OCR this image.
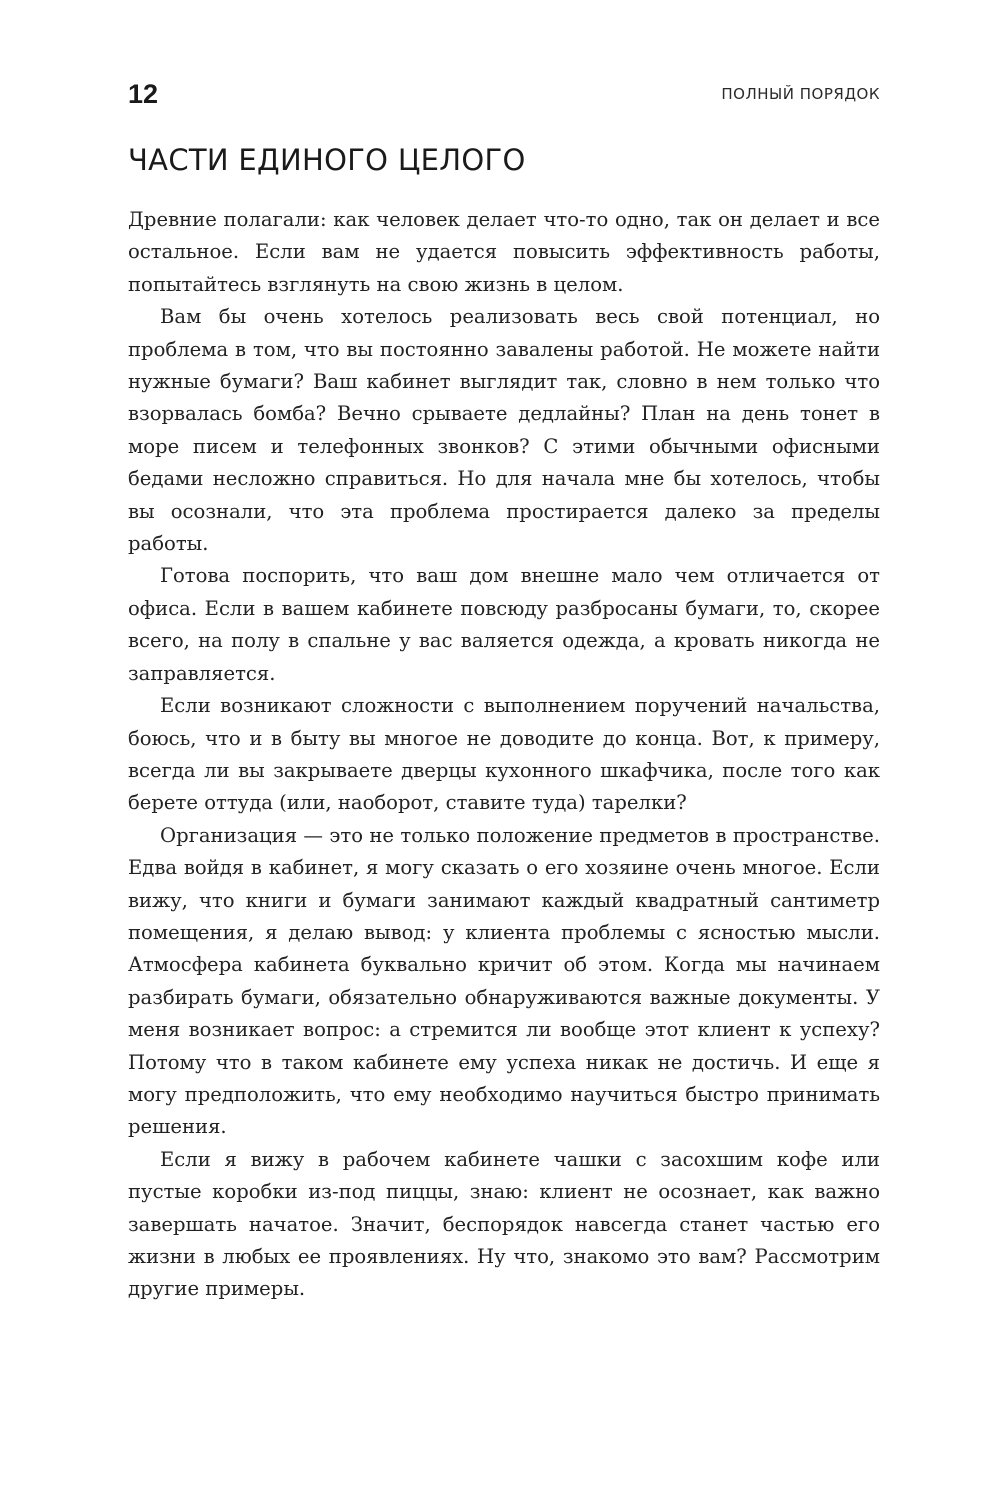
12	ПОЛНЫЙ ПОРЯДОК
ЧАСТИ ЕДИНОГО ЦЕЛОГО

Древние полагали: как человек делает что-то одно, так он делает и все остальное. Если вам не удается повысить эффективность работы, попытайтесь взглянуть на свою жизнь в целом.

Вам бы очень хотелось реализовать весь свой потенциал, но проблема в том, что вы постоянно завалены работой. Не можете найти нужные бумаги? Ваш кабинет выглядит так, словно в нем только что взорвалась бомба? Вечно срываете дедлайны? План на день тонет в море писем и телефонных звонков? С этими обычными офисными бедами несложно справиться. Но для начала мне бы хотелось, чтобы вы осознали, что эта проблема простирается далеко за пределы работы.

Готова поспорить, что ваш дом внешне мало чем отличается от офиса. Если в вашем кабинете повсюду разбросаны бумаги, то, скорее всего, на полу в спальне у вас валяется одежда, а кровать никогда не заправляется.

Если возникают сложности с выполнением поручений начальства, боюсь, что и в быту вы многое не доводите до конца. Вот, к примеру, всегда ли вы закрываете дверцы кухонного шкафчика, после того как берете оттуда (или, наоборот, ставите туда) тарелки?

Организация — это не только положение предметов в пространстве. Едва войдя в кабинет, я могу сказать о его хозяине очень многое. Если вижу, что книги и бумаги занимают каждый квадратный сантиметр помещения, я делаю вывод: у клиента проблемы с ясностью мысли. Атмосфера кабинета буквально кричит об этом. Когда мы начинаем разбирать бумаги, обязательно обнаруживаются важные документы. У меня возникает вопрос: а стремится ли вообще этот клиент к успеху? Потому что в таком кабинете ему успеха никак не достичь. И еще я могу предположить, что ему необходимо научиться быстро принимать решения.

Если я вижу в рабочем кабинете чашки с засохшим кофе или пустые коробки из-под пиццы, знаю: клиент не осознает, как важно завершать начатое. Значит, беспорядок навсегда станет частью его жизни в любых ее проявлениях. Ну что, знакомо это вам? Рассмотрим другие примеры.
